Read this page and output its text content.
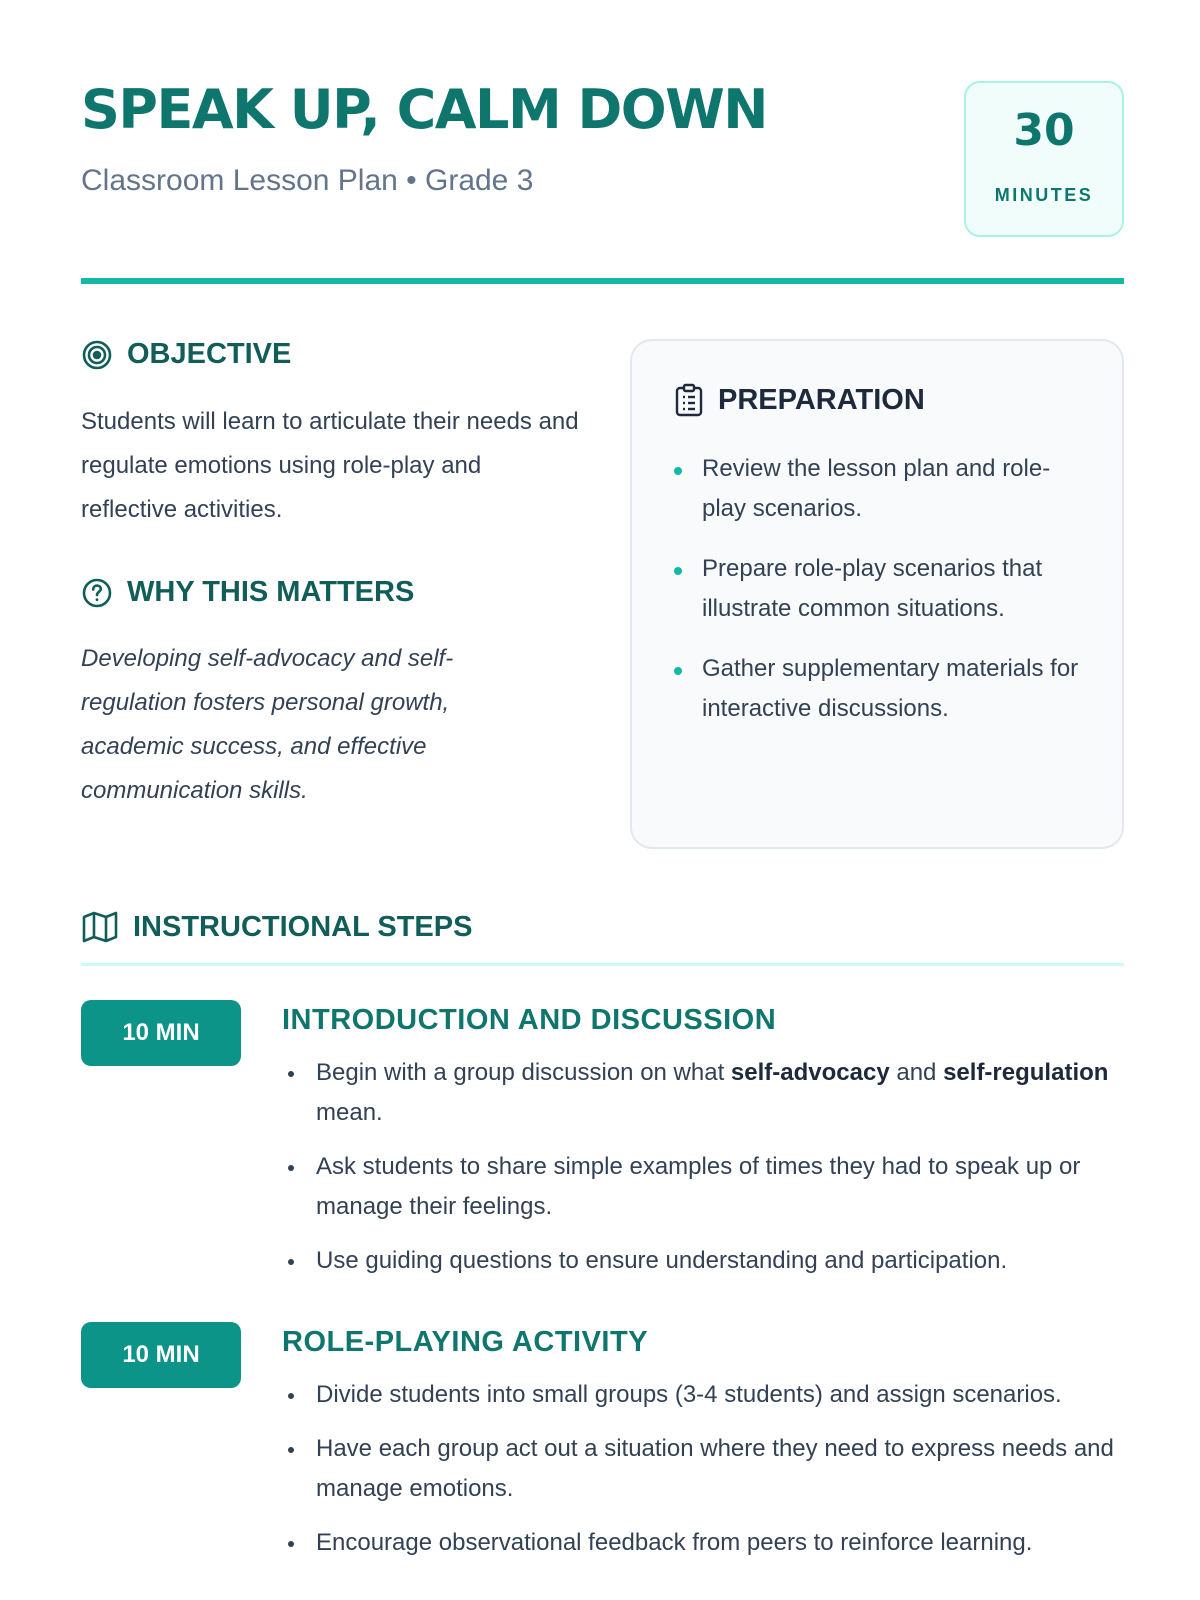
SPEAK UP, CALM DOWN
Classroom Lesson Plan • Grade 3
30
MINUTES
OBJECTIVE
Students will learn to articulate their needs and regulate emotions using role-play and reflective activities.
WHY THIS MATTERS
Developing self-advocacy and self-regulation fosters personal growth, academic success, and effective communication skills.
PREPARATION
Review the lesson plan and role-play scenarios.
Prepare role-play scenarios that illustrate common situations.
Gather supplementary materials for interactive discussions.
INSTRUCTIONAL STEPS
10 MIN	INTRODUCTION AND DISCUSSION
Begin with a group discussion on what self-advocacy and self-regulation mean.
Ask students to share simple examples of times they had to speak up or manage their feelings.
Use guiding questions to ensure understanding and participation.
10 MIN	ROLE-PLAYING ACTIVITY
Divide students into small groups (3-4 students) and assign scenarios.
Have each group act out a situation where they need to express needs and manage emotions.
Encourage observational feedback from peers to reinforce learning.
